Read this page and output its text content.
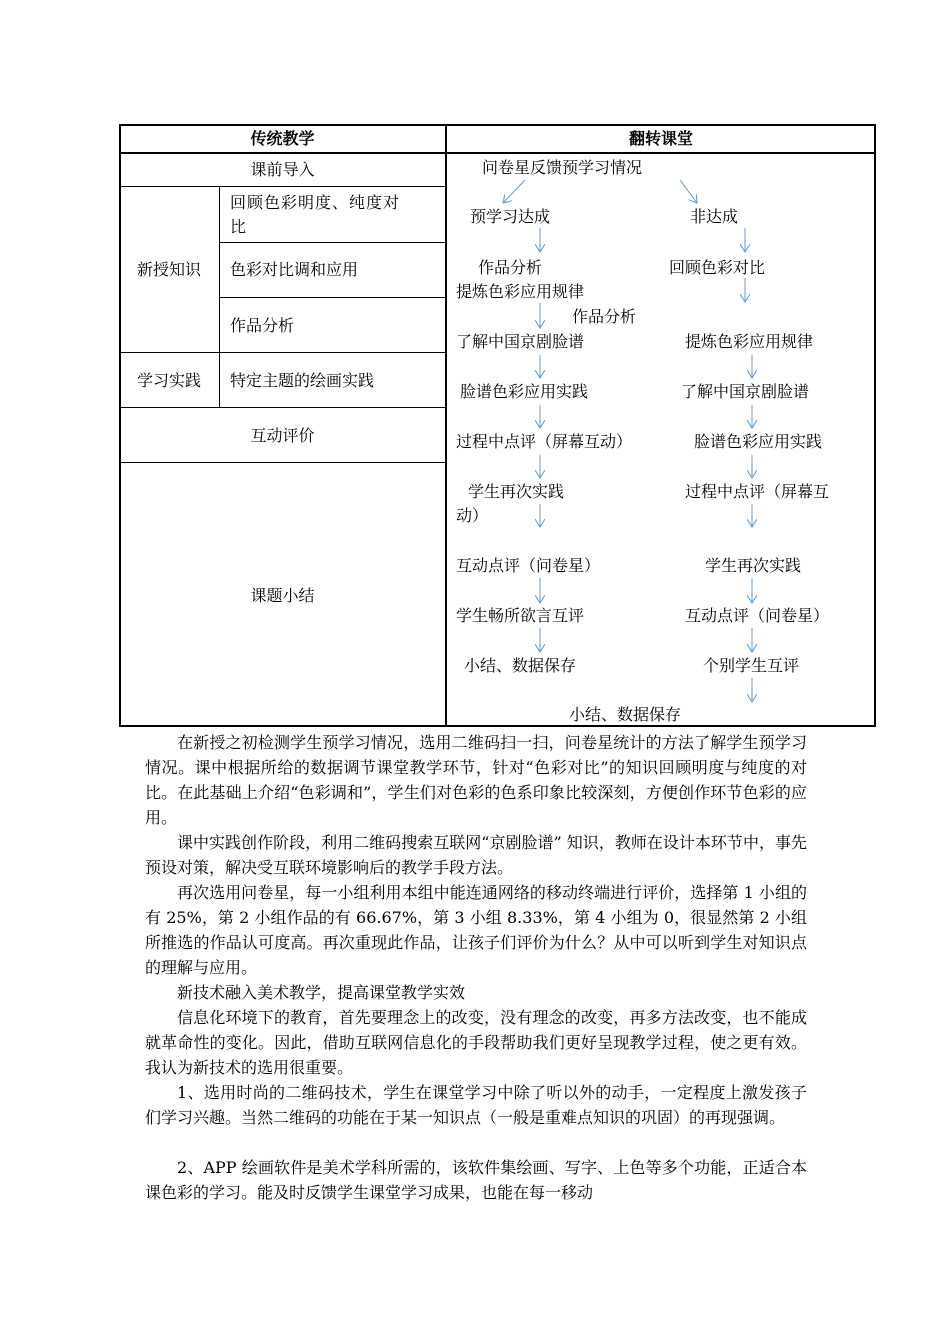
传统教学	翻转课堂
课前导入
新授知识
回顾色彩明度、纯度对
比
色彩对比调和应用
作品分析
学习实践	特定主题的绘画实践
互动评价
课题小结
问卷星反馈预学习情况
预学习达成
作品分析
提炼色彩应用规律
了解中国京剧脸谱
脸谱色彩应用实践
过程中点评（屏幕互动）
学生再次实践
动）
互动点评（问卷星）
学生畅所欲言互评
小结、数据保存
非达成
回顾色彩对比
作品分析
提炼色彩应用规律
了解中国京剧脸谱
脸谱色彩应用实践
过程中点评（屏幕互
学生再次实践
互动点评（问卷星）
个别学生互评
小结、数据保存

在新授之初检测学生预学习情况，选用二维码扫一扫，问卷星统计的方法了解学生预学习情况。课中根据所给的数据调节课堂教学环节，针对“色彩对比”的知识回顾明度与纯度的对比。在此基础上介绍“色彩调和”，学生们对色彩的色系印象比较深刻，方便创作环节色彩的应用。

课中实践创作阶段，利用二维码搜索互联网“京剧脸谱” 知识，教师在设计本环节中，事先预设对策，解决受互联环境影响后的教学手段方法。

再次选用问卷星，每一小组利用本组中能连通网络的移动终端进行评价，选择第 1 小组的有 25%，第 2 小组作品的有 66.67%，第 3 小组 8.33%，第 4 小组为 0，很显然第 2 小组所推选的作品认可度高。再次重现此作品，让孩子们评价为什么？从中可以听到学生对知识点的理解与应用。

新技术融入美术教学，提高课堂教学实效

信息化环境下的教育，首先要理念上的改变，没有理念的改变，再多方法改变，也不能成就革命性的变化。因此，借助互联网信息化的手段帮助我们更好呈现教学过程，使之更有效。我认为新技术的选用很重要。

1、选用时尚的二维码技术，学生在课堂学习中除了听以外的动手，一定程度上激发孩子们学习兴趣。当然二维码的功能在于某一知识点（一般是重难点知识的巩固）的再现强调。

2、APP 绘画软件是美术学科所需的，该软件集绘画、写字、上色等多个功能，正适合本课色彩的学习。能及时反馈学生课堂学习成果，也能在每一移动
